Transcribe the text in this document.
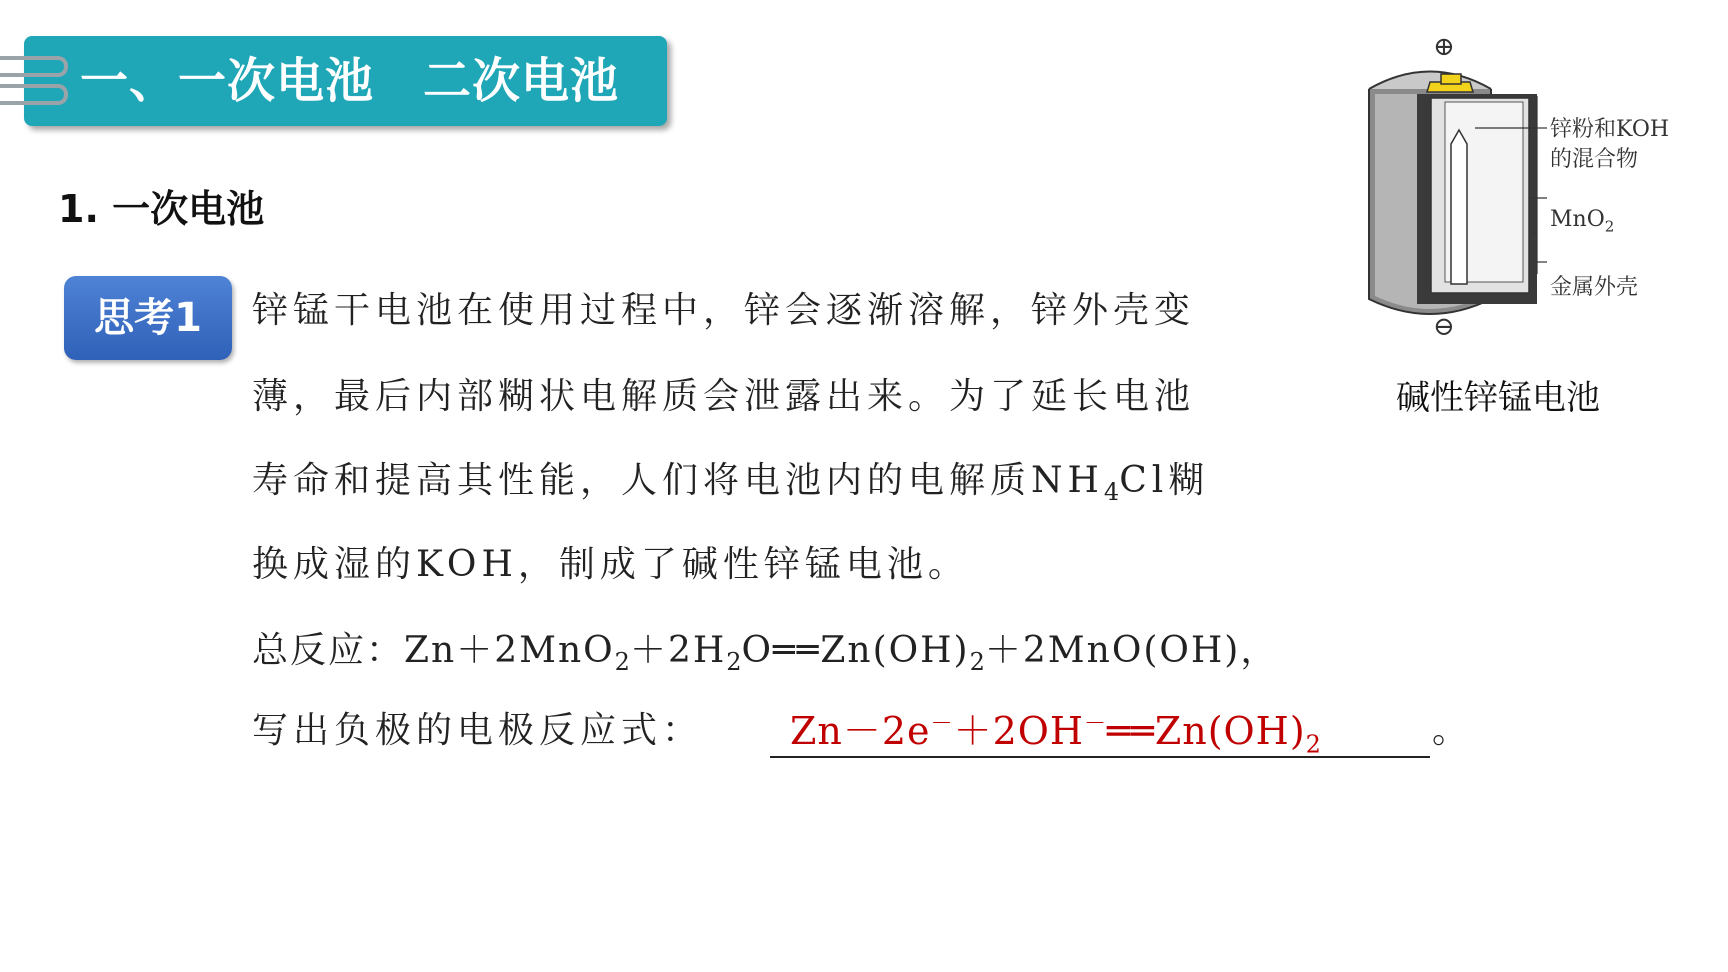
一、一次电池　二次电池
1. 一次电池
思考1	锌锰干电池在使用过程中，锌会逐渐溶解，锌外壳变
薄，最后内部糊状电解质会泄露出来。为了延长电池
寿命和提高其性能，人们将电池内的电解质$NH_4Cl$糊
换成湿的KOH，制成了碱性锌锰电池。
总反应：$Zn+2MnO_2+2H_2O══Zn(OH)_2+2MnO(OH)$，
写出负极的电极反应式：	$Zn-2e^-+2OH^-══Zn(OH)_2$	。
⊕
⊖
锌粉和KOH
的混合物
MnO$_2$
金属外壳
碱性锌锰电池
